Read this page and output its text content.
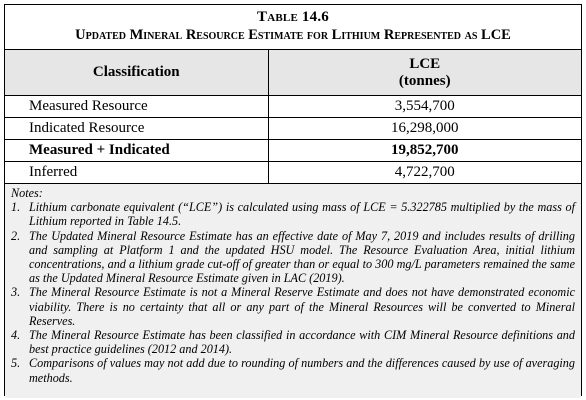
Table 14.6
Updated Mineral Resource Estimate for Lithium Represented as LCE
Classification	LCE
(tonnes)

Measured Resource	3,554,700
Indicated Resource	16,298,000
Measured + Indicated	19,852,700
Inferred	4,722,700
Notes:
1. Lithium carbonate equivalent (“LCE”) is calculated using mass of LCE = 5.322785 multiplied by the mass of Lithium reported in Table 14.5.
2. The Updated Mineral Resource Estimate has an effective date of May 7, 2019 and includes results of drilling and sampling at Platform 1 and the updated HSU model. The Resource Evaluation Area, initial lithium concentrations, and a lithium grade cut-off of greater than or equal to 300 mg/L parameters remained the same as the Updated Mineral Resource Estimate given in LAC (2019).
3. The Mineral Resource Estimate is not a Mineral Reserve Estimate and does not have demonstrated economic viability. There is no certainty that all or any part of the Mineral Resources will be converted to Mineral Reserves.
4. The Mineral Resource Estimate has been classified in accordance with CIM Mineral Resource definitions and best practice guidelines (2012 and 2014).
5. Comparisons of values may not add due to rounding of numbers and the differences caused by use of averaging methods.
